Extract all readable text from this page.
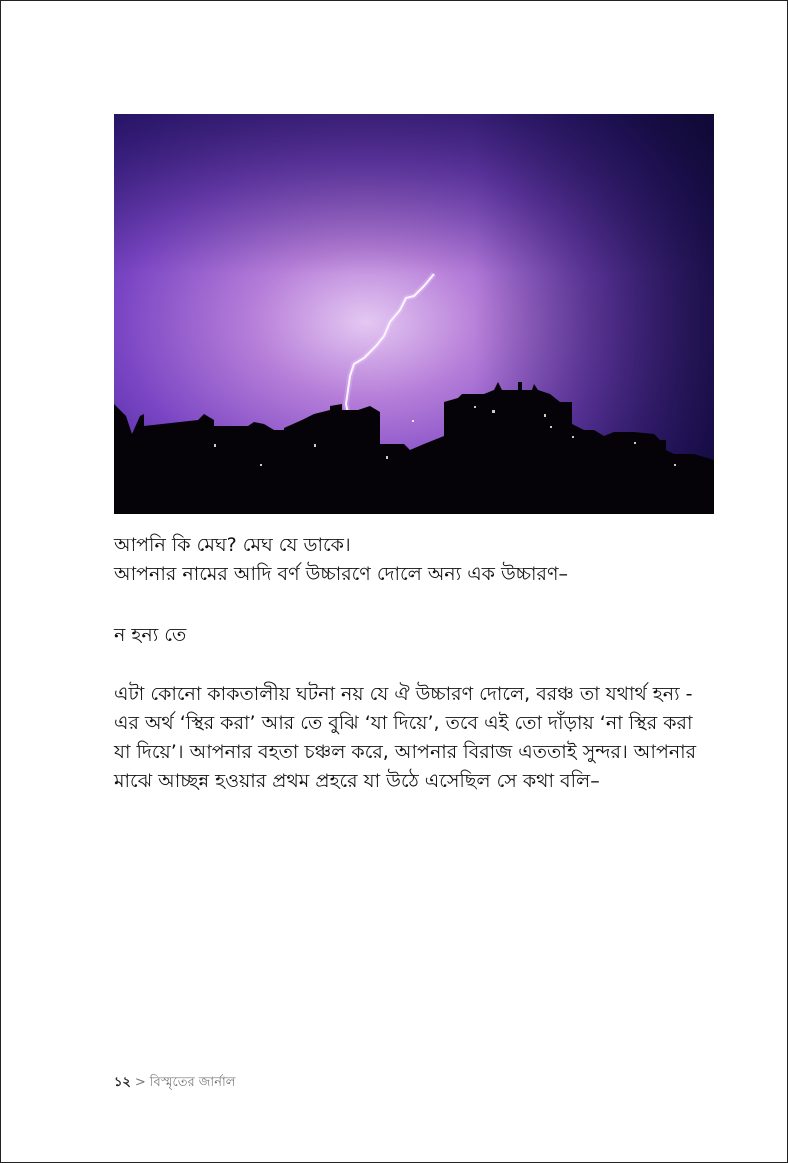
আপনি কি মেঘ? মেঘ যে ডাকে।
আপনার নামের আদি বর্ণ উচ্চারণে দোলে অন্য এক উচ্চারণ–
ন হন্য তে
এটা কোনো কাকতালীয় ঘটনা নয় যে ঐ উচ্চারণ দোলে, বরঞ্চ তা যথার্থ হন্য -
এর অর্থ ‘স্থির করা’ আর তে বুঝি ‘যা দিয়ে’, তবে এই তো দাঁড়ায় ‘না স্থির করা
যা দিয়ে’। আপনার বহতা চঞ্চল করে, আপনার বিরাজ এততাই সুন্দর। আপনার
মাঝে আচ্ছন্ন হওয়ার প্রথম প্রহরে যা উঠে এসেছিল সে কথা বলি–
১২ > বিস্মৃতের জার্নাল
